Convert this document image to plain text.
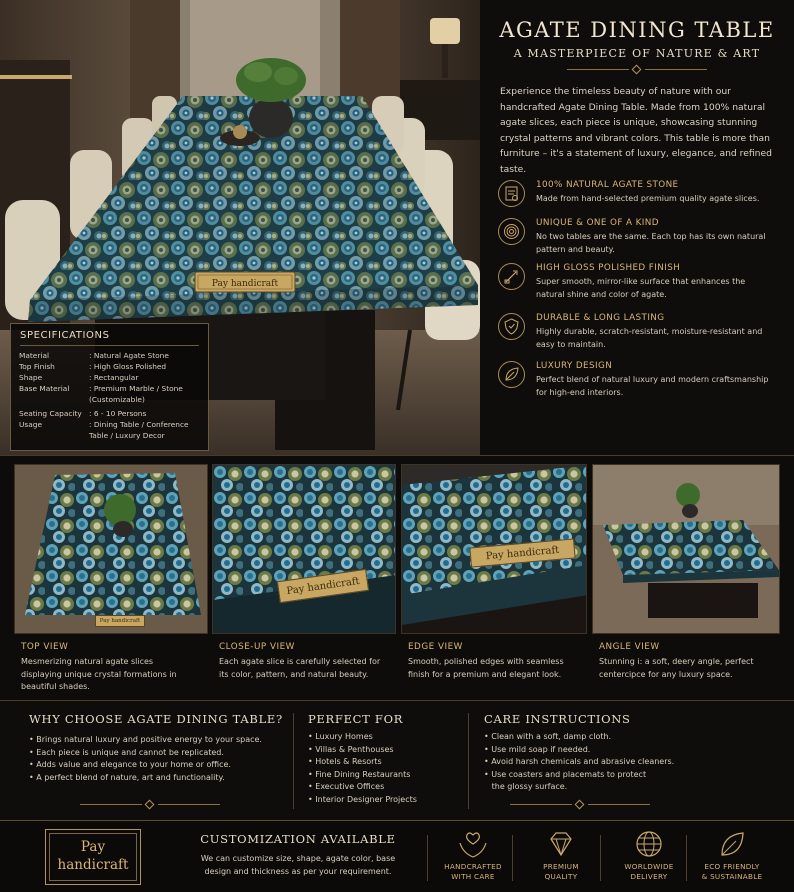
Pay handicraft
SPECIFICATIONS
Material	: Natural Agate Stone
Top Finish	: High Gloss Polished
Shape	: Rectangular
Base Material	: Premium Marble / Stone (Customizable)
Seating Capacity : 6 - 10 Persons
Usage	: Dining Table / Conference Table / Luxury Decor
AGATE DINING TABLE
A MASTERPIECE OF NATURE & ART
Experience the timeless beauty of nature with our handcrafted Agate Dining Table. Made from 100% natural agate slices, each piece is unique, showcasing stunning crystal patterns and vibrant colors. This table is more than furniture – it's a statement of luxury, elegance, and refined taste.
100% NATURAL AGATE STONE
Made from hand-selected premium quality agate slices.
UNIQUE & ONE OF A KIND
No two tables are the same. Each top has its own natural pattern and beauty.
HIGH GLOSS POLISHED FINISH
Super smooth, mirror-like surface that enhances the natural shine and color of agate.
DURABLE & LONG LASTING
Highly durable, scratch-resistant, moisture-resistant and easy to maintain.
LUXURY DESIGN
Perfect blend of natural luxury and modern craftsmanship for high-end interiors.
Pay handicraft
TOP VIEW
Mesmerizing natural agate slices displaying unique crystal formations in beautiful shades.
Pay handicraft
CLOSE-UP VIEW
Each agate slice is carefully selected for its color, pattern, and natural beauty.
Pay handicraft
EDGE VIEW
Smooth, polished edges with seamless finish for a premium and elegant look.
ANGLE VIEW
Stunning i: a soft, deery angle, perfect centercipce for any luxury space.
WHY CHOOSE AGATE DINING TABLE?
• Brings natural luxury and positive energy to your space.
• Each piece is unique and cannot be replicated.
• Adds value and elegance to your home or office.
• A perfect blend of nature, art and functionality.
PERFECT FOR
• Luxury Homes
• Villas & Penthouses
• Hotels & Resorts
• Fine Dining Restaurants
• Executive Offices
• Interior Designer Projects
CARE INSTRUCTIONS
• Clean with a soft, damp cloth.
• Use mild soap if needed.
• Avoid harsh chemicals and abrasive cleaners.
• Use coasters and placemats to protect
the glossy surface.
Pay
handicraft
CUSTOMIZATION AVAILABLE
We can customize size, shape, agate color, base design and thickness as per your requirement.
HANDCRAFTED
WITH CARE
PREMIUM
QUALITY
WORLDWIDE
DELIVERY
ECO FRIENDLY
& SUSTAINABLE
